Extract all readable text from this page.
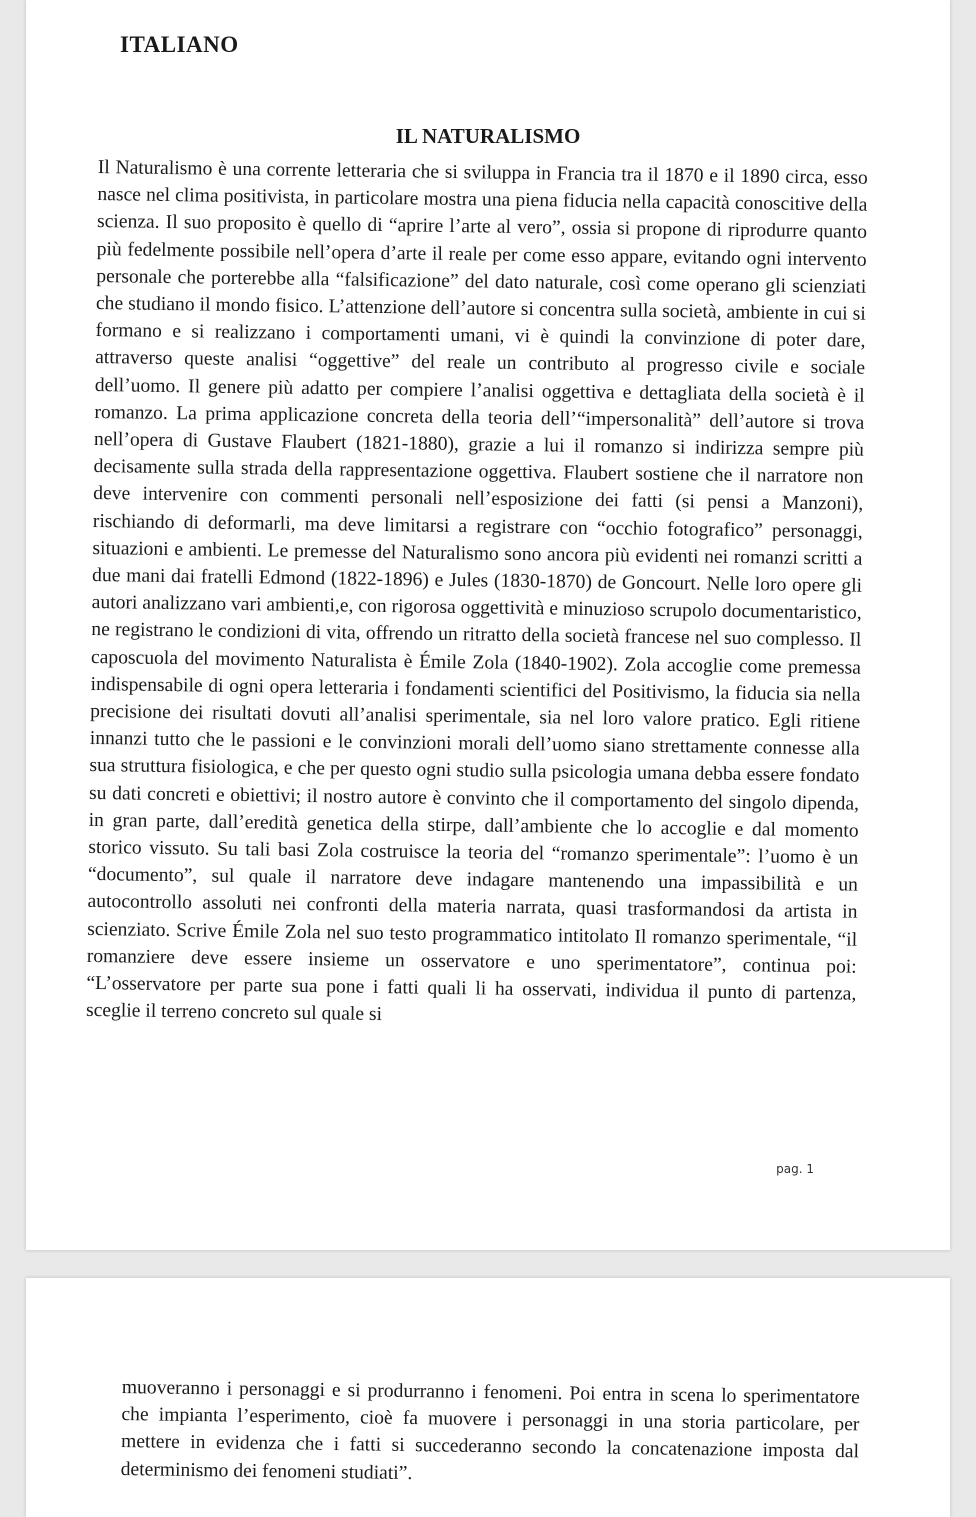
ITALIANO

IL NATURALISMO

Il Naturalismo è una corrente letteraria che si sviluppa in Francia tra il 1870 e il 1890 circa, esso nasce nel clima positivista, in particolare mostra una piena fiducia nella capacità conoscitive della scienza. Il suo proposito è quello di “aprire l’arte al vero”, ossia si propone di riprodurre quanto più fedelmente possibile nell’opera d’arte il reale per come esso appare, evitando ogni intervento personale che porterebbe alla “falsificazione” del dato naturale, così come operano gli scienziati che studiano il mondo fisico. L’attenzione dell’autore si concentra sulla società, ambiente in cui si formano e si realizzano i comportamenti umani, vi è quindi la convinzione di poter dare, attraverso queste analisi “oggettive” del reale un contributo al progresso civile e sociale dell’uomo. Il genere più adatto per compiere l’analisi oggettiva e dettagliata della società è il romanzo. La prima applicazione concreta della teoria dell’“impersonalità” dell’autore si trova nell’opera di Gustave Flaubert (1821-1880), grazie a lui il romanzo si indirizza sempre più decisamente sulla strada della rappresentazione oggettiva. Flaubert sostiene che il narratore non deve intervenire con commenti personali nell’esposizione dei fatti (si pensi a Manzoni), rischiando di deformarli, ma deve limitarsi a registrare con “occhio fotografico” personaggi, situazioni e ambienti. Le premesse del Naturalismo sono ancora più evidenti nei romanzi scritti a due mani dai fratelli Edmond (1822-1896) e Jules (1830-1870) de Goncourt. Nelle loro opere gli autori analizzano vari ambienti,e, con rigorosa oggettività e minuzioso scrupolo documentaristico, ne registrano le condizioni di vita, offrendo un ritratto della società francese nel suo complesso. Il caposcuola del movimento Naturalista è Émile Zola (1840-1902). Zola accoglie come premessa indispensabile di ogni opera letteraria i fondamenti scientifici del Positivismo, la fiducia sia nella precisione dei risultati dovuti all’analisi sperimentale, sia nel loro valore pratico. Egli ritiene innanzi tutto che le passioni e le convinzioni morali dell’uomo siano strettamente connesse alla sua struttura fisiologica, e che per questo ogni studio sulla psicologia umana debba essere fondato su dati concreti e obiettivi; il nostro autore è convinto che il comportamento del singolo dipenda, in gran parte, dall’eredità genetica della stirpe, dall’ambiente che lo accoglie e dal momento storico vissuto. Su tali basi Zola costruisce la teoria del “romanzo sperimentale”: l’uomo è un “documento”, sul quale il narratore deve indagare mantenendo una impassibilità e un autocontrollo assoluti nei confronti della materia narrata, quasi trasformandosi da artista in scienziato. Scrive Émile Zola nel suo testo programmatico intitolato Il romanzo sperimentale, “il romanziere deve essere insieme un osservatore e uno sperimentatore”, continua poi: “L’osservatore per parte sua pone i fatti quali li ha osservati, individua il punto di partenza, sceglie il terreno concreto sul quale si

pag. 1

muoveranno i personaggi e si produrranno i fenomeni. Poi entra in scena lo sperimentatore che impianta l’esperimento, cioè fa muovere i personaggi in una storia particolare, per mettere in evidenza che i fatti si succederanno secondo la concatenazione imposta dal determinismo dei fenomeni studiati”.
